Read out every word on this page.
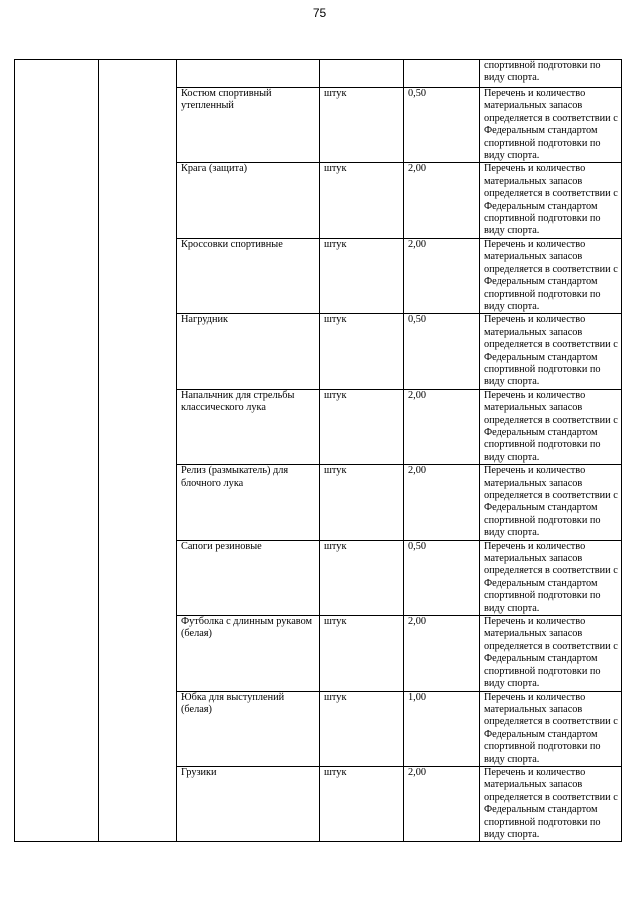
75
					спортивной подготовки по виду спорта.
		Костюм спортивный утепленный	штук	0,50	Перечень и количество материальных запасов определяется в соответствии с Федеральным стандартом спортивной подготовки по виду спорта.
		Крага (защита)	штук	2,00	Перечень и количество материальных запасов определяется в соответствии с Федеральным стандартом спортивной подготовки по виду спорта.
		Кроссовки спортивные	штук	2,00	Перечень и количество материальных запасов определяется в соответствии с Федеральным стандартом спортивной подготовки по виду спорта.
		Нагрудник	штук	0,50	Перечень и количество материальных запасов определяется в соответствии с Федеральным стандартом спортивной подготовки по виду спорта.
		Напальчник для стрельбы классического лука	штук	2,00	Перечень и количество материальных запасов определяется в соответствии с Федеральным стандартом спортивной подготовки по виду спорта.
		Релиз (размыкатель) для блочного лука	штук	2,00	Перечень и количество материальных запасов определяется в соответствии с Федеральным стандартом спортивной подготовки по виду спорта.
		Сапоги резиновые	штук	0,50	Перечень и количество материальных запасов определяется в соответствии с Федеральным стандартом спортивной подготовки по виду спорта.
		Футболка с длинным рукавом (белая)	штук	2,00	Перечень и количество материальных запасов определяется в соответствии с Федеральным стандартом спортивной подготовки по виду спорта.
		Юбка для выступлений (белая)	штук	1,00	Перечень и количество материальных запасов определяется в соответствии с Федеральным стандартом спортивной подготовки по виду спорта.
		Грузики	штук	2,00	Перечень и количество материальных запасов определяется в соответствии с Федеральным стандартом спортивной подготовки по виду спорта.
